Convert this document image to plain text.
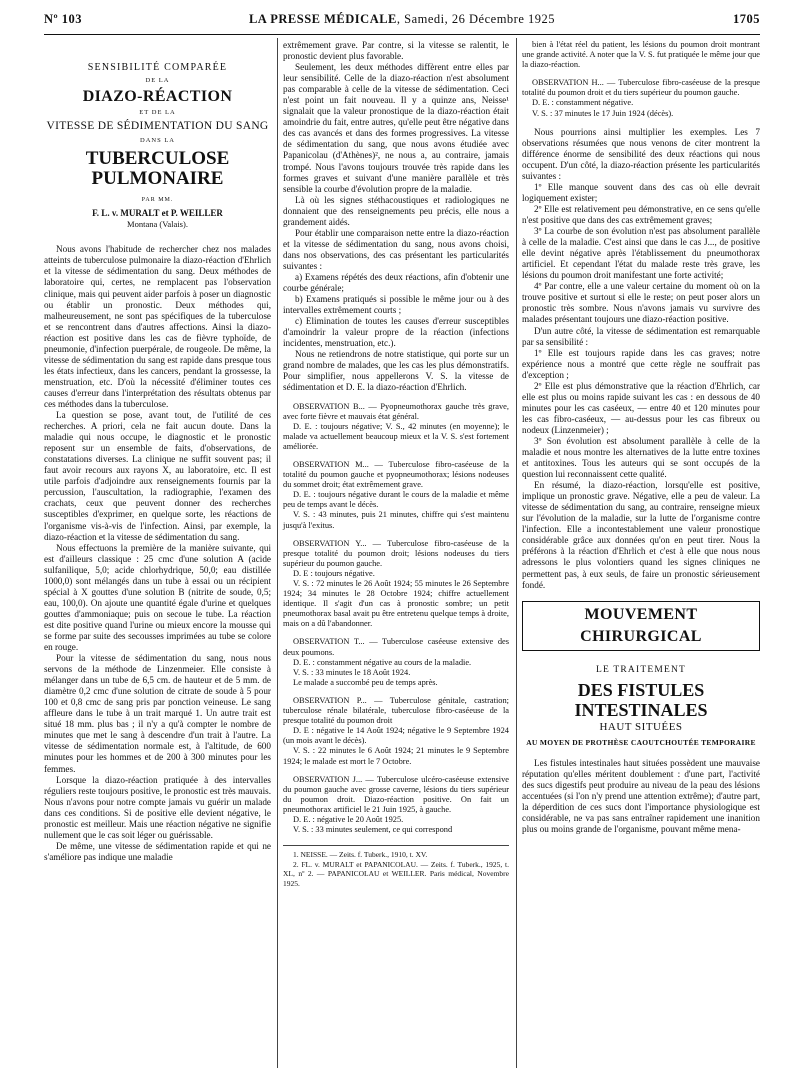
Nº 103	LA PRESSE MÉDICALE, Samedi, 26 Décembre 1925	1705
SENSIBILITÉ COMPARÉE
DE LA
DIAZO-RÉACTION
ET DE LA
VITESSE DE SÉDIMENTATION DU SANG
DANS LA
TUBERCULOSE PULMONAIRE
PAR MM.
F. L. v. MURALT et P. WEILLER
Montana (Valais).

Nous avons l'habitude de rechercher chez nos malades atteints de tuberculose pulmonaire la diazo-réaction d'Ehrlich et la vitesse de sédimentation du sang. Deux méthodes de laboratoire qui, certes, ne remplacent pas l'observation clinique, mais qui peuvent aider parfois à poser un diagnostic ou établir un pronostic. Deux méthodes qui, malheureusement, ne sont pas spécifiques de la tuberculose et se rencontrent dans d'autres affections. Ainsi la diazo-réaction est positive dans les cas de fièvre typhoïde, de pneumonie, d'infection puerpérale, de rougeole. De même, la vitesse de sédimentation du sang est rapide dans presque tous les états infectieux, dans les cancers, pendant la grossesse, la menstruation, etc. D'où la nécessité d'éliminer toutes ces causes d'erreur dans l'interprétation des résultats obtenus par ces méthodes dans la tuberculose.

La question se pose, avant tout, de l'utilité de ces recherches. A priori, cela ne fait aucun doute. Dans la maladie qui nous occupe, le diagnostic et le pronostic reposent sur un ensemble de faits, d'observations, de constatations diverses. La clinique ne suffit souvent pas; il faut avoir recours aux rayons X, au laboratoire, etc. Il est utile parfois d'adjoindre aux renseignements fournis par la percussion, l'auscultation, la radiographie, l'examen des crachats, ceux que peuvent donner des recherches susceptibles d'exprimer, en quelque sorte, les réactions de l'organisme vis-à-vis de l'infection. Ainsi, par exemple, la diazo-réaction et la vitesse de sédimentation du sang.

Nous effectuons la première de la manière suivante, qui est d'ailleurs classique : 25 cmc d'une solution A (acide sulfanilique, 5,0; acide chlorhydrique, 50,0; eau distillée 1000,0) sont mélangés dans un tube à essai ou un récipient spécial à X gouttes d'une solution B (nitrite de soude, 0,5; eau, 100,0). On ajoute une quantité égale d'urine et quelques gouttes d'ammoniaque; puis on secoue le tube. La réaction est dite positive quand l'urine ou mieux encore la mousse qui se forme par suite des secousses imprimées au tube se colore en rouge.

Pour la vitesse de sédimentation du sang, nous nous servons de la méthode de Linzenmeier. Elle consiste à mélanger dans un tube de 6,5 cm. de hauteur et de 5 mm. de diamètre 0,2 cmc d'une solution de citrate de soude à 5 pour 100 et 0,8 cmc de sang pris par ponction veineuse. Le sang affleure dans le tube à un trait marqué 1. Un autre trait est situé 18 mm. plus bas ; il n'y a qu'à compter le nombre de minutes que met le sang à descendre d'un trait à l'autre. La vitesse de sédimentation normale est, à l'altitude, de 600 minutes pour les hommes et de 200 à 300 minutes pour les femmes.

Lorsque la diazo-réaction pratiquée à des intervalles réguliers reste toujours positive, le pronostic est très mauvais. Nous n'avons pour notre compte jamais vu guérir un malade dans ces conditions. Si de positive elle devient négative, le pronostic est meilleur. Mais une réaction négative ne signifie nullement que le cas soit léger ou guérissable.

De même, une vitesse de sédimentation rapide et qui ne s'améliore pas indique une maladie

extrêmement grave. Par contre, si la vitesse se ralentit, le pronostic devient plus favorable.

Seulement, les deux méthodes diffèrent entre elles par leur sensibilité. Celle de la diazo-réaction n'est absolument pas comparable à celle de la vitesse de sédimentation. Ceci n'est point un fait nouveau. Il y a quinze ans, Neisse¹ signalait que la valeur pronostique de la diazo-réaction était amoindrie du fait, entre autres, qu'elle peut être négative dans des cas avancés et dans des formes progressives. La vitesse de sédimentation du sang, que nous avons étudiée avec Papanicolau (d'Athènes)², ne nous a, au contraire, jamais trompé. Nous l'avons toujours trouvée très rapide dans les formes graves et suivant d'une manière parallèle et très sensible la courbe d'évolution propre de la maladie.

Là où les signes stéthacoustiques et radiologiques ne donnaient que des renseignements peu précis, elle nous a grandement aidés.

Pour établir une comparaison nette entre la diazo-réaction et la vitesse de sédimentation du sang, nous avons choisi, dans nos observations, des cas présentant les particularités suivantes :

a) Examens répétés des deux réactions, afin d'obtenir une courbe générale;

b) Examens pratiqués si possible le même jour ou à des intervalles extrêmement courts ;

c) Elimination de toutes les causes d'erreur susceptibles d'amoindrir la valeur propre de la réaction (infections incidentes, menstruation, etc.).

Nous ne retiendrons de notre statistique, qui porte sur un grand nombre de malades, que les cas les plus démonstratifs. Pour simplifier, nous appellerons V. S. la vitesse de sédimentation et D. E. la diazo-réaction d'Ehrlich.

OBSERVATION B... — Pyopneumothorax gauche très grave, avec forte fièvre et mauvais état général.

D. E. : toujours négative; V. S., 42 minutes (en moyenne); le malade va actuellement beaucoup mieux et la V. S. s'est fortement améliorée.

OBSERVATION M... — Tuberculose fibro-caséeuse de la totalité du poumon gauche et pyopneumothorax; lésions nodeuses du sommet droit; état extrêmement grave.

D. E. : toujours négative durant le cours de la maladie et même peu de temps avant le décès.

V. S. : 43 minutes, puis 21 minutes, chiffre qui s'est maintenu jusqu'à l'exitus.

OBSERVATION Y... — Tuberculose fibro-caséeuse de la presque totalité du poumon droit; lésions nodeuses du tiers supérieur du poumon gauche.

D. E : toujours négative.

V. S. : 72 minutes le 26 Août 1924; 55 minutes le 26 Septembre 1924; 34 minutes le 28 Octobre 1924; chiffre actuellement identique. Il s'agit d'un cas à pronostic sombre; un petit pneumothorax basal avait pu être entretenu quelque temps à droite, mais on a dû l'abandonner.

OBSERVATION T... — Tuberculose caséeuse extensive des deux poumons.

D. E. : constamment négative au cours de la maladie.

V. S. : 33 minutes le 18 Août 1924.

Le malade a succombé peu de temps après.

OBSERVATION P... — Tuberculose génitale, castration; tuberculose rénale bilatérale, tuberculose fibro-caséeuse de la presque totalité du poumon droit

D. E : négative le 14 Août 1924; négative le 9 Septembre 1924 (un mois avant le décès).

V. S. : 22 minutes le 6 Août 1924; 21 minutes le 9 Septembre 1924; le malade est mort le 7 Octobre.

OBSERVATION J... — Tuberculose ulcéro-caséeuse extensive du poumon gauche avec grosse caverne, lésions du tiers supérieur du poumon droit. Diazo-réaction positive. On fait un pneumothorax artificiel le 21 Juin 1925, à gauche.

D. E. : négative le 20 Août 1925.

V. S. : 33 minutes seulement, ce qui correspond

1. NEISSE. — Zeits. f. Tuberk., 1910, t. XV.

2. FL. v. MURALT et PAPANICOLAU. — Zeits. f. Tuberk., 1925, t. XL, nº 2. — PAPANICOLAU et WEILLER. Paris médical, Novembre 1925.

bien à l'état réel du patient, les lésions du poumon droit montrant une grande activité. A noter que la V. S. fut pratiquée le même jour que la diazo-réaction.

OBSERVATION H... — Tuberculose fibro-caséeuse de la presque totalité du poumon droit et du tiers supérieur du poumon gauche.

D. E. : constamment négative.

V. S. : 37 minutes le 17 Juin 1924 (décès).

Nous pourrions ainsi multiplier les exemples. Les 7 observations résumées que nous venons de citer montrent la différence énorme de sensibilité des deux réactions qui nous occupent. D'un côté, la diazo-réaction présente les particularités suivantes :

1º Elle manque souvent dans des cas où elle devrait logiquement exister;

2º Elle est relativement peu démonstrative, en ce sens qu'elle n'est positive que dans des cas extrêmement graves;

3º La courbe de son évolution n'est pas absolument parallèle à celle de la maladie. C'est ainsi que dans le cas J..., de positive elle devint négative après l'établissement du pneumothorax artificiel. Et cependant l'état du malade reste très grave, les lésions du poumon droit manifestant une forte activité;

4º Par contre, elle a une valeur certaine du moment où on la trouve positive et surtout si elle le reste; on peut poser alors un pronostic très sombre. Nous n'avons jamais vu survivre des malades présentant toujours une diazo-réaction positive.

D'un autre côté, la vitesse de sédimentation est remarquable par sa sensibilité :

1º Elle est toujours rapide dans les cas graves; notre expérience nous a montré que cette règle ne souffrait pas d'exception ;

2º Elle est plus démonstrative que la réaction d'Ehrlich, car elle est plus ou moins rapide suivant les cas : en dessous de 40 minutes pour les cas caséeux, — entre 40 et 120 minutes pour les cas fibro-caséeux, — au-dessus pour les cas fibreux ou nodeux (Linzenmeier) ;

3º Son évolution est absolument parallèle à celle de la maladie et nous montre les alternatives de la lutte entre toxines et antitoxines. Tous les auteurs qui se sont occupés de la question lui reconnaissent cette qualité.

En résumé, la diazo-réaction, lorsqu'elle est positive, implique un pronostic grave. Négative, elle a peu de valeur. La vitesse de sédimentation du sang, au contraire, renseigne mieux sur l'évolution de la maladie, sur la lutte de l'organisme contre l'infection. Elle a incontestablement une valeur pronostique considérable grâce aux données qu'on en peut tirer. Nous la préférons à la réaction d'Ehrlich et c'est à elle que nous nous adressons le plus volontiers quand les signes cliniques ne permettent pas, à eux seuls, de faire un pronostic sérieusement fondé.

MOUVEMENT CHIRURGICAL
LE TRAITEMENT
DES FISTULES INTESTINALES
HAUT SITUÉES
AU MOYEN DE PROTHÈSE CAOUTCHOUTÉE TEMPORAIRE

Les fistules intestinales haut situées possèdent une mauvaise réputation qu'elles méritent doublement : d'une part, l'activité des sucs digestifs peut produire au niveau de la peau des lésions accentuées (si l'on n'y prend une attention extrême); d'autre part, la déperdition de ces sucs dont l'importance physiologique est considérable, ne va pas sans entraîner rapidement une inanition plus ou moins grande de l'organisme, pouvant même mena-
